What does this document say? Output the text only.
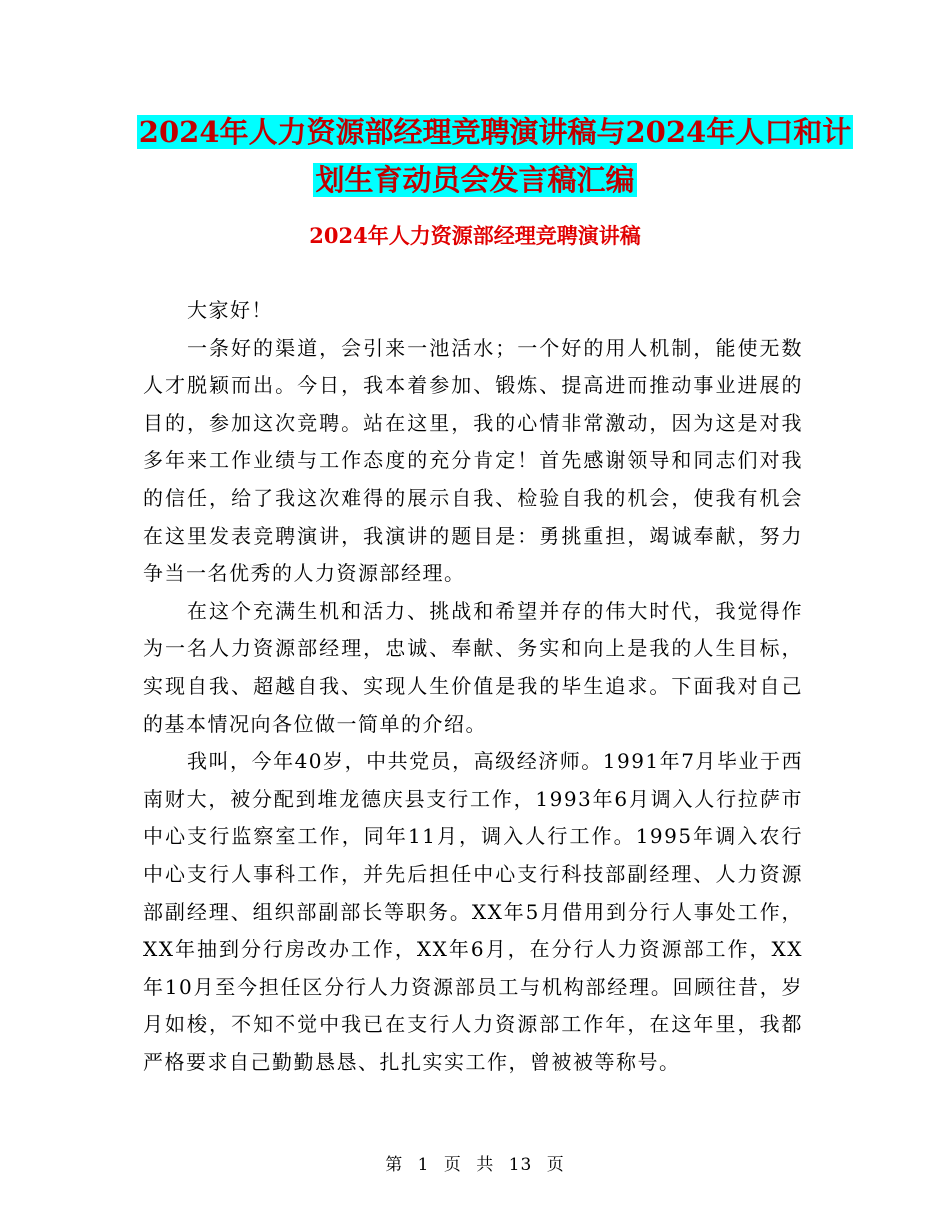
2024年人力资源部经理竞聘演讲稿与2024年人口和计
划生育动员会发言稿汇编
2024年人力资源部经理竞聘演讲稿

大家好！

一条好的渠道，会引来一池活水；一个好的用人机制，能使无数人才脱颖而出。今日，我本着参加、锻炼、提高进而推动事业进展的目的，参加这次竞聘。站在这里，我的心情非常激动，因为这是对我多年来工作业绩与工作态度的充分肯定！首先感谢领导和同志们对我的信任，给了我这次难得的展示自我、检验自我的机会，使我有机会在这里发表竞聘演讲，我演讲的题目是：勇挑重担，竭诚奉献，努力争当一名优秀的人力资源部经理。

在这个充满生机和活力、挑战和希望并存的伟大时代，我觉得作为一名人力资源部经理，忠诚、奉献、务实和向上是我的人生目标，实现自我、超越自我、实现人生价值是我的毕生追求。下面我对自己的基本情况向各位做一简单的介绍。

我叫，今年40岁，中共党员，高级经济师。1991年7月毕业于西南财大，被分配到堆龙德庆县支行工作，1993年6月调入人行拉萨市中心支行监察室工作，同年11月，调入人行工作。1995年调入农行中心支行人事科工作，并先后担任中心支行科技部副经理、人力资源部副经理、组织部副部长等职务。XX年5月借用到分行人事处工作，XX年抽到分行房改办工作，XX年6月，在分行人力资源部工作，XX年10月至今担任区分行人力资源部员工与机构部经理。回顾往昔，岁月如梭，不知不觉中我已在支行人力资源部工作年，在这年里，我都严格要求自己勤勤恳恳、扎扎实实工作，曾被被等称号。

第 1 页 共 13 页
